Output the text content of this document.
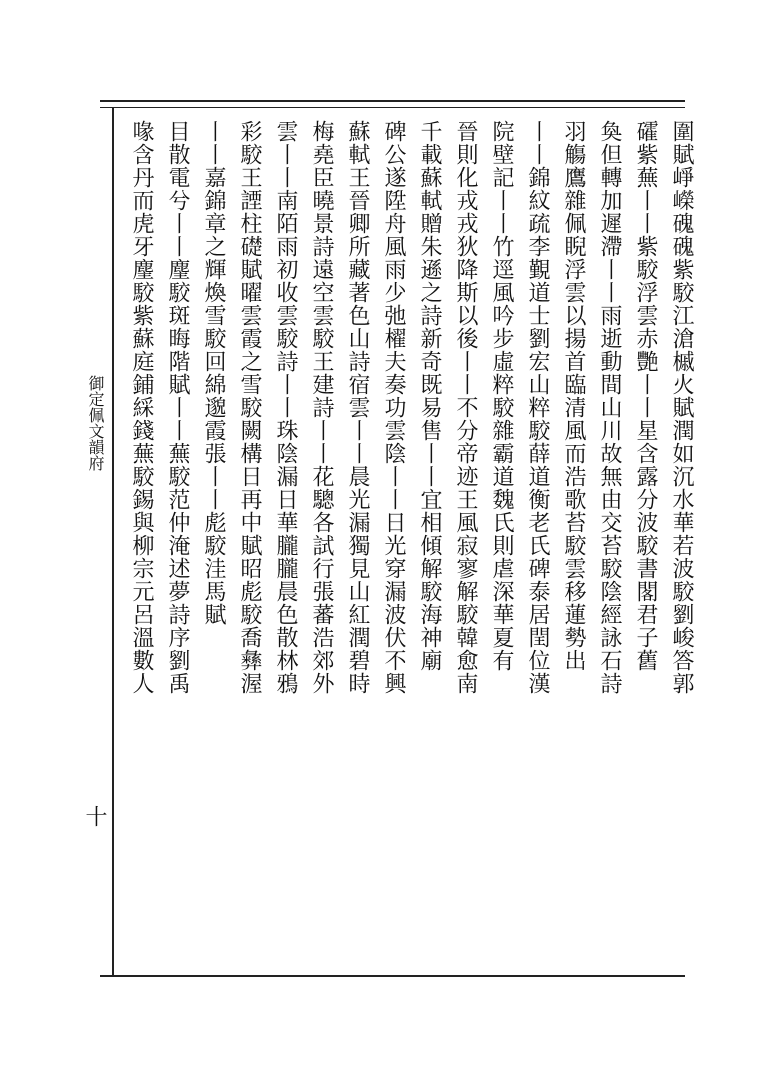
御定佩文韻府
十
圍賦崢嶸磈磈紫駮江滄槭火賦潤如沉水華若波駮劉峻答郭
礭紫蕪丨丨紫駮浮雲赤艷丨丨星含露分波駮書閣君子舊
奐但轉加遲滯丨丨雨逝動間山川故無由交苔駮陰經詠石詩
羽觴鷹雜佩睨浮雲以揚首臨清風而浩歌苔駮雲移蓮勢出
丨丨錦紋疏李覲道士劉宏山粹駮薛道衡老氏碑泰居閏位漢
院壁記丨丨竹逕風吟步虛粹駮雜霸道魏氏則虐深華夏有
晉則化戎戎狄降斯以後丨丨不分帝迹王風寂寥解駮韓愈南
千載蘇軾贈朱遜之詩新奇既易售丨丨宜相傾解駮海神廟
碑公遂陞舟風雨少弛櫂夫奏功雲陰丨丨日光穿漏波伏不興
蘇軾王晉卿所藏著色山詩宿雲丨丨晨光漏獨見山紅潤碧時
梅堯臣曉景詩遠空雲駮王建詩丨丨花驄各試行張蕃浩郊外
雲丨丨南陌雨初收雲駮詩丨丨珠陰漏日華朧朧晨色散林鴉
彩駮王諲柱礎賦曜雲霞之雪駮闕構日再中賦昭彪駮喬彝渥
丨丨嘉錦章之輝煥雪駮回綿邈霞張丨丨彪駮洼馬賦
目散電兮丨丨麈駮斑晦階賦丨丨蕪駮范仲淹述夢詩序劉禹
喙含丹而虎牙麈駮紫蘇庭鋪綵錢蕪駮錫與柳宗元呂溫數人
